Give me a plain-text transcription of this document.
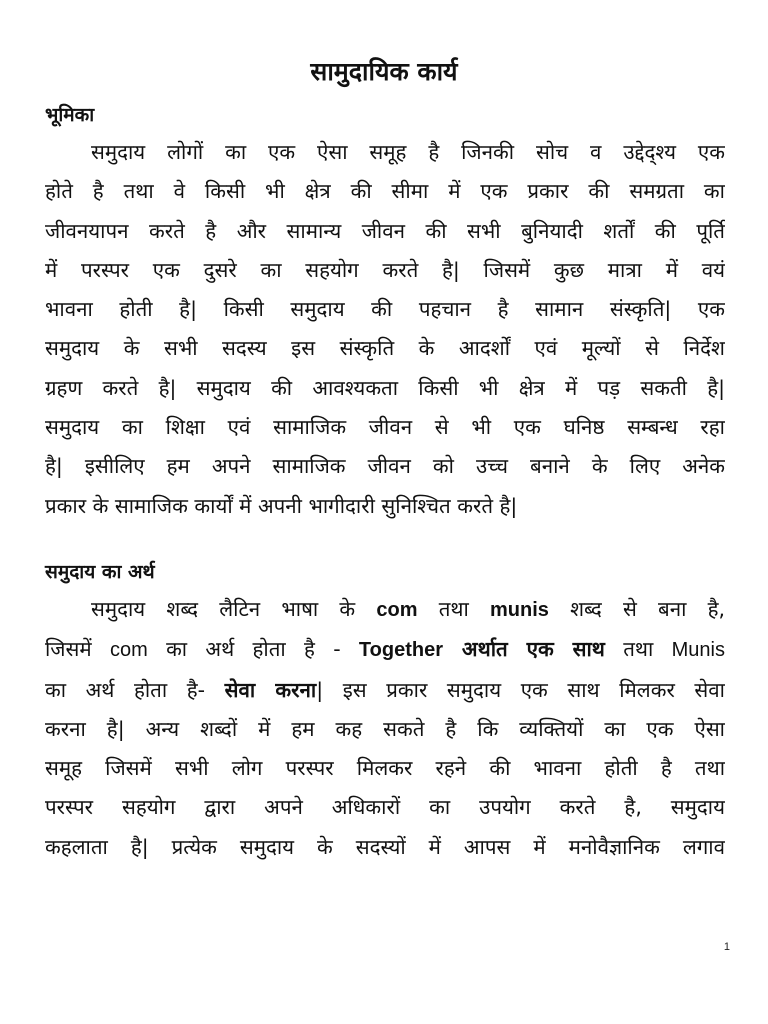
सामुदायिक कार्य
भूमिका
समुदाय लोगों का एक ऐसा समूह है जिनकी सोच व उद्देद्श्य एक
होते है तथा वे किसी भी क्षेत्र की सीमा में एक प्रकार की समग्रता का
जीवनयापन करते है और सामान्य जीवन की सभी बुनियादी शर्तों की पूर्ति
में परस्पर एक दुसरे का सहयोग करते है| जिसमें कुछ मात्रा में वयं
भावना होती है| किसी समुदाय की पहचान है सामान संस्कृति| एक
समुदाय के सभी सदस्य इस संस्कृति के आदर्शों एवं मूल्यों से निर्देश
ग्रहण करते है| समुदाय की आवश्यकता किसी भी क्षेत्र में पड़ सकती है|
समुदाय का शिक्षा एवं सामाजिक जीवन से भी एक घनिष्ठ सम्बन्ध रहा
है| इसीलिए हम अपने सामाजिक जीवन को उच्च बनाने के लिए अनेक
प्रकार के सामाजिक कार्यों में अपनी भागीदारी सुनिश्चित करते है|
समुदाय का अर्थ
समुदाय शब्द लैटिन भाषा के com तथा munis शब्द से बना है,
जिसमें com का अर्थ होता है - Together अर्थात एक साथ तथा Munis
का अर्थ होता है- सेवा करना| इस प्रकार समुदाय एक साथ मिलकर सेवा
करना है| अन्य शब्दों में हम कह सकते है कि व्यक्तियों का एक ऐसा
समूह जिसमें सभी लोग परस्पर मिलकर रहने की भावना होती है तथा
परस्पर सहयोग द्वारा अपने अधिकारों का उपयोग करते है, समुदाय
कहलाता है| प्रत्येक समुदाय के सदस्यों में आपस में मनोवैज्ञानिक लगाव
1
